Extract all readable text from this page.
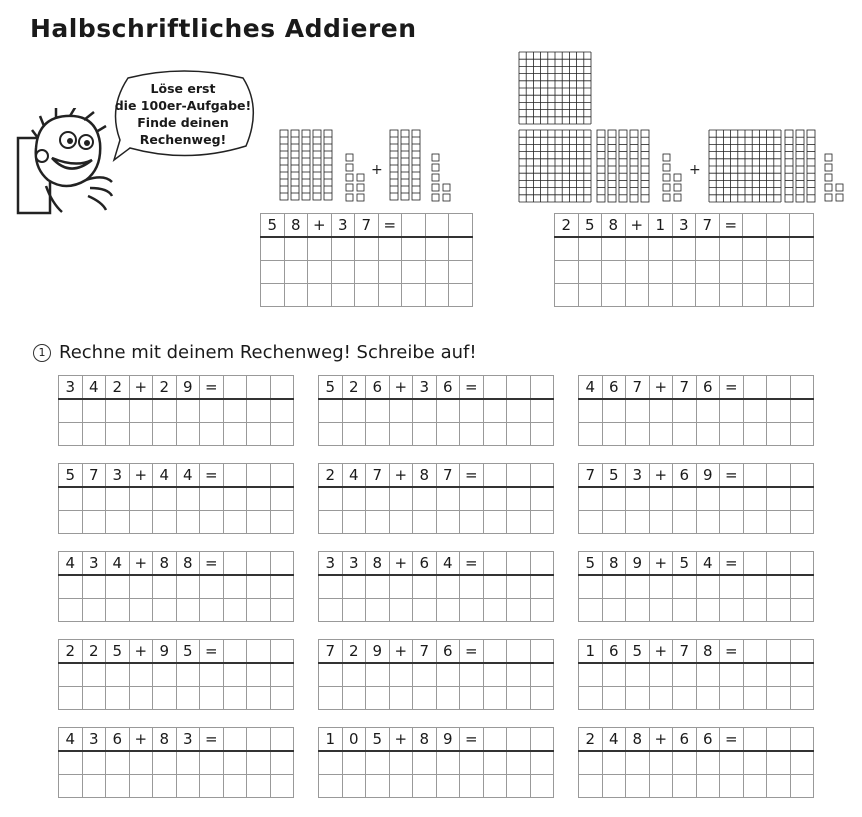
Halbschriftliches Addieren
Löse erst
die 100er-Aufgabe!
Finde deinen
Rechenweg!
+	+
5	8	+	3	7	=			

									2	5	8	+	1	3	7	=			

1 Rechne mit deinem Rechenweg! Schreibe auf!

3	4	2	+	2	9	=			

										5	2	6	+	3	6	=			

										4	6	7	+	7	6	=			

5	7	3	+	4	4	=			

										2	4	7	+	8	7	=			

										7	5	3	+	6	9	=			

4	3	4	+	8	8	=			

										3	3	8	+	6	4	=			

										5	8	9	+	5	4	=			

2	2	5	+	9	5	=			

										7	2	9	+	7	6	=			

										1	6	5	+	7	8	=			

4	3	6	+	8	3	=			

										1	0	5	+	8	9	=			

										2	4	8	+	6	6	=			
